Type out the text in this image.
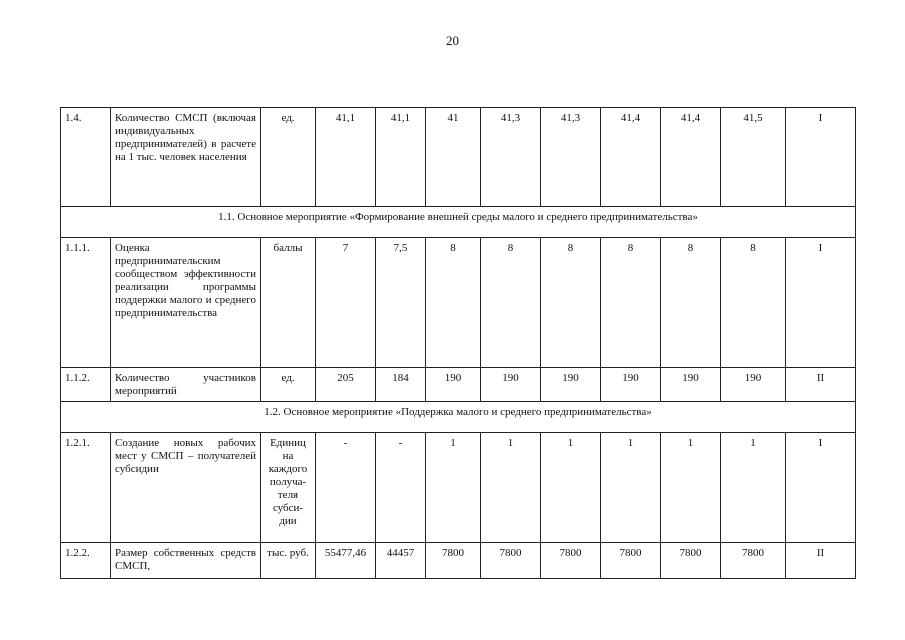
20
1.4.	Количество СМСП (включая индивидуальных предпринимателей) в расчете на 1 тыс. человек населения	ед.	41,1	41,1	41	41,3	41,3	41,4	41,4	41,5	I
1.1. Основное мероприятие «Формирование внешней среды малого и среднего предпринимательства»											
1.1.1.	Оценка предпринимательским сообществом эффективности реализации программы поддержки малого и среднего предпринимательства	баллы	7	7,5	8	8	8	8	8	8	I
1.1.2.	Количество участников мероприятий	ед.	205	184	190	190	190	190	190	190	II
1.2. Основное мероприятие «Поддержка малого и среднего предпринимательства»											
1.2.1.	Создание новых рабочих мест у СМСП – получателей субсидии	Единиц на каждого получа-теля субси-дии	-	-	1	1	1	1	1	1	I
1.2.2.	Размер собственных средств СМСП,	тыс. руб.	55477,46	44457	7800	7800	7800	7800	7800	7800	II
